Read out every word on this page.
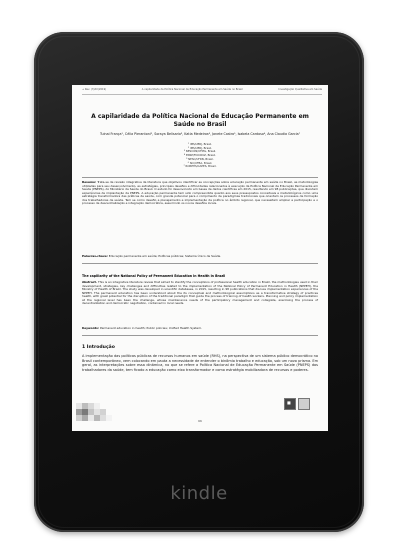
kindle
→ Rev. (3)XX(2019)	A capilaridade da Política Nacional de Educação Permanente em Saúde no Brasil	Investigação Qualitativa em Saúde
A capilaridade da Política Nacional de Educação Permanente em Saúde no Brasil
Tuinai França¹, Célia Pierantoni², Soraya Belisario³, Katia Medeiros⁴, Janete Castro⁵, Isabela Cardoso⁶, Ana Claudia Garcia⁷
¹ IMS/UERJ, Brasil.
² IMS/UERJ, Brasil.
³ NESCON/UFMG, Brasil.
⁴ ENSP/FIOCRUZ, Brasil.
⁵ NESC/UFRN, Brasil.
⁶ ISC/UFBA, Brasil.
⁷ ROREHS/CAPES, Brasil.
Resumo: Trata-se de revisão integrativa da literatura que objetivou identificar as concepções sobre educação permanente em saúde no Brasil, as metodologias utilizadas para seu desenvolvimento, as estratégias, principais desafios e dificuldades relacionados à execução da Política Nacional de Educação Permanente em Saúde (PNEPS), do Ministério da Saúde do Brasil. O estudo foi desenvolvido em bases de dados científicas em 2015, resultando em 98 publicações, que discutem experiências de implantação da PNEPS. A educação permanente tem sido compreendida quanto aos seus pressupostos conceituais e metodológicos como uma estratégia transformadora das práticas de saúde, com grande potencial para o rompimento de paradigmas tradicionais que orientam os processos de formação dos trabalhadores de saúde. Tem se como desafio a planejamento e implementação da política no âmbito regional, que necessitam ampliar a participação e o processo de descentralização e integração democrática, assumindo os novos desafios locais.
Palavras-chave: Educação permanente em saúde; Políticas públicas; Sistema Único de Saúde.
The capillarity of the National Policy of Permanent Education in Health in Brazil
Abstract. This is an integrative literature review that aimed to identify the conceptions of professional health education in Brazil, the methodologies used in their development, strategies, key challenges and difficulties related to the implementation of the National Policy of Permanent Education in Health (NPPEH), the Ministry of Health of Brazil. The study was developed in scientific databases, in 2015, resulting in 98 publications that discuss implementation experiences of the NPPEH. The permanent education has been understood about the its conceptual and methodological assumptions as a transformative strategy of practices health, with great potential for the disruption of the traditional paradigm that guide the process of training of health workers. Planning and policy implementation at the regional level has been the challenge, whose maintenance needs of the participatory management and collegiate, exercising the process of decentralization and democratic negotiation, contained in local needs.
Keywords: Permanent education in health; Public policies; Unified Health System.
1 Introdução
A implementação das políticas públicas de recursos humanos em saúde (RHS), na perspectiva de um sistema público democrático no Brasil contemporâneo, vem colocando em pauta a necessidade de entender o binômio trabalho e educação, sob um novo prisma. Em geral, as interpretações sobre essa dinâmica, no que se refere a Política Nacional de Educação Permanente em Saúde (PNEPS) dos trabalhadores da saúde, tem ficado a educação como eixo transformador e como estratégia mobilizadora de recursos e poderes.
■
66
